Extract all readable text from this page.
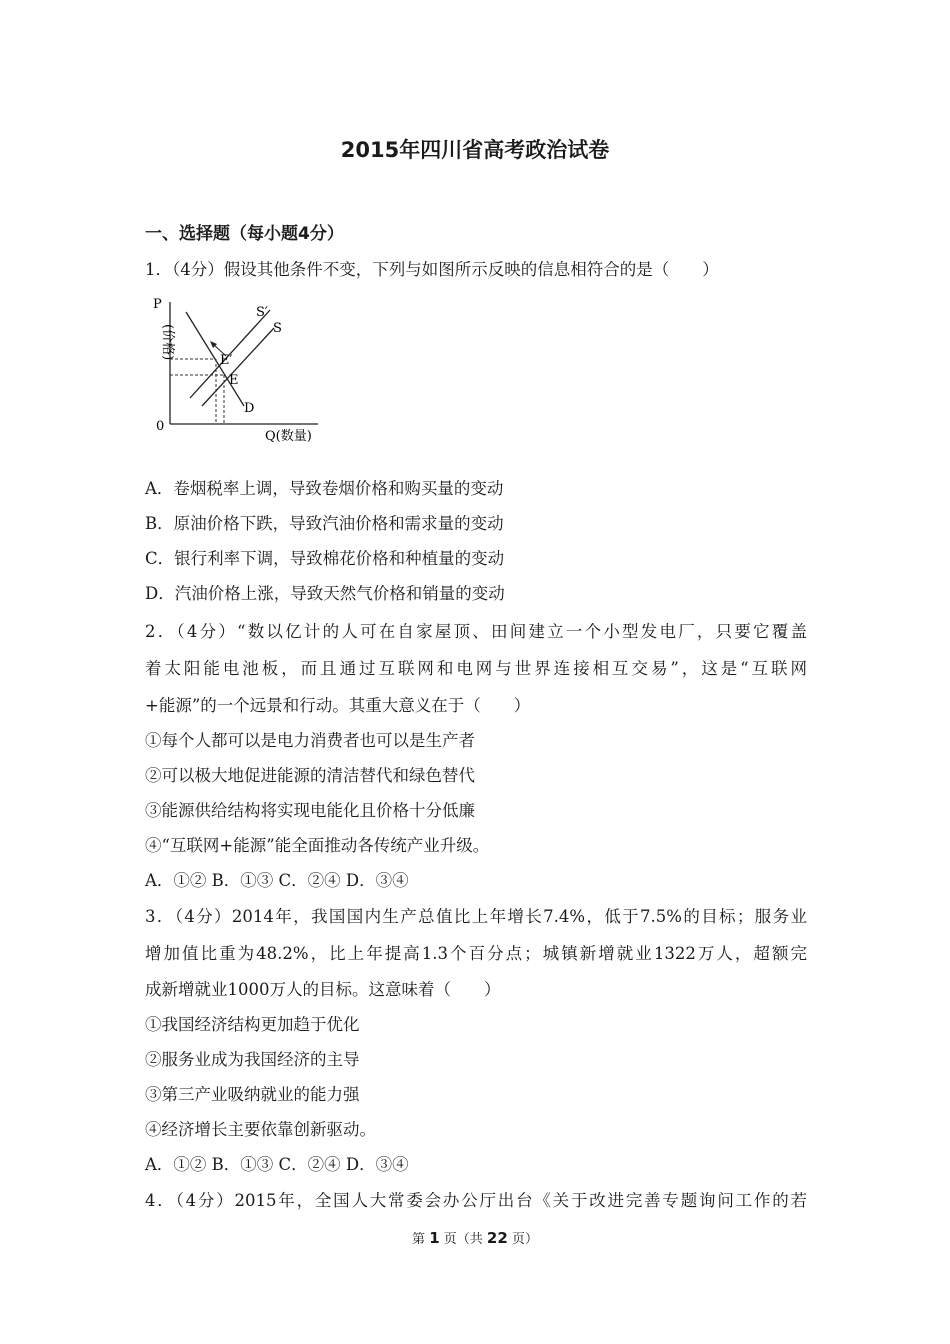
2015年四川省高考政治试卷
一、选择题（每小题4分）
1．（4分）假设其他条件不变，下列与如图所示反映的信息相符合的是（　　）
P
(价格)
0
Q(数量)
S′
S
E′
E
D
A．卷烟税率上调，导致卷烟价格和购买量的变动
B．原油价格下跌，导致汽油价格和需求量的变动
C．银行利率下调，导致棉花价格和种植量的变动
D．汽油价格上涨，导致天然气价格和销量的变动
2．（4分）“数以亿计的人可在自家屋顶、田间建立一个小型发电厂，只要它覆盖
着太阳能电池板，而且通过互联网和电网与世界连接相互交易”，这是“互联网
+能源”的一个远景和行动。其重大意义在于（　　）
①每个人都可以是电力消费者也可以是生产者
②可以极大地促进能源的清洁替代和绿色替代
③能源供给结构将实现电能化且价格十分低廉
④“互联网+能源”能全面推动各传统产业升级。
A．①② B．①③ C．②④ D．③④
3．（4分）2014年，我国国内生产总值比上年增长7.4%，低于7.5%的目标；服务业
增加值比重为48.2%，比上年提高1.3个百分点；城镇新增就业1322万人，超额完
成新增就业1000万人的目标。这意味着（　　）
①我国经济结构更加趋于优化
②服务业成为我国经济的主导
③第三产业吸纳就业的能力强
④经济增长主要依靠创新驱动。
A．①② B．①③ C．②④ D．③④
4．（4分）2015年，全国人大常委会办公厅出台《关于改进完善专题询问工作的若
第 1 页（共 22 页）
